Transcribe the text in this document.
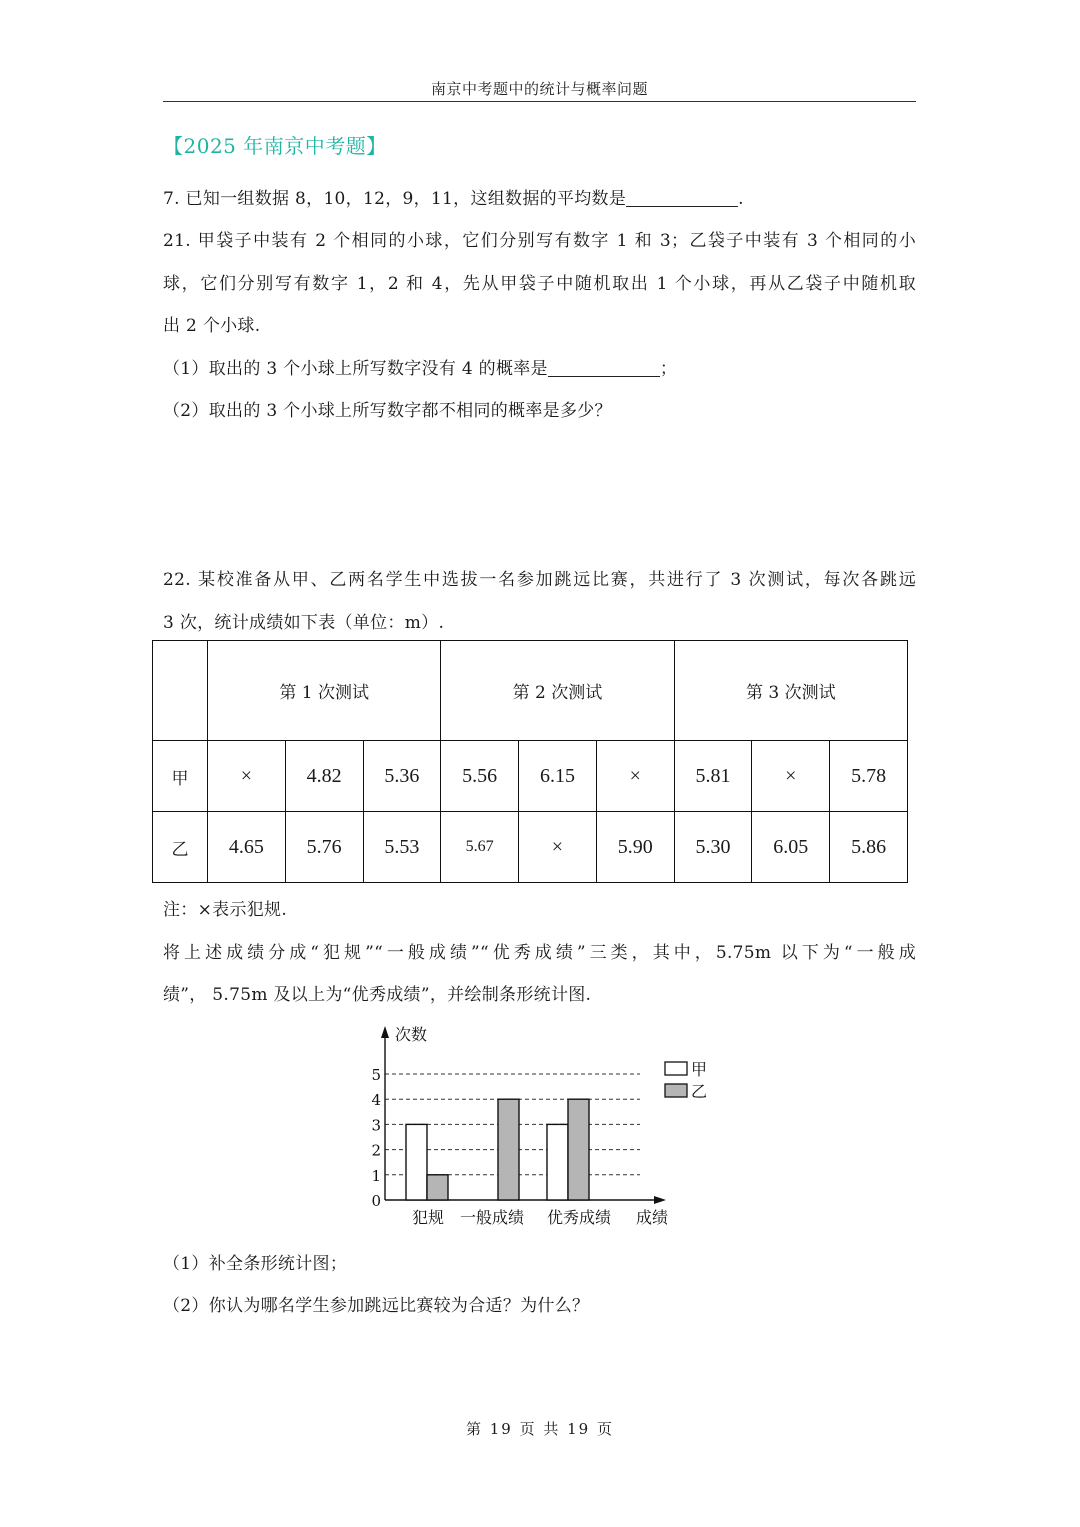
南京中考题中的统计与概率问题
【2025 年南京中考题】
7. 已知一组数据 8，10，12，9，11，这组数据的平均数是	.
21. 甲袋子中装有 2 个相同的小球，它们分别写有数字 1 和 3；乙袋子中装有 3 个相同的小
球，它们分别写有数字 1，2 和 4，先从甲袋子中随机取出 1 个小球，再从乙袋子中随机取
出 2 个小球.
（1）取出的 3 个小球上所写数字没有 4 的概率是	；
（2）取出的 3 个小球上所写数字都不相同的概率是多少？
22. 某校准备从甲、乙两名学生中选拔一名参加跳远比赛，共进行了 3 次测试，每次各跳远
3 次，统计成绩如下表（单位：m）.
	第 1 次测试			第 2 次测试			第 3 次测试		
甲	×	4.82	5.36	5.56	6.15	×	5.81	×	5.78
乙	4.65	5.76	5.53	5.67	×	5.90	5.30	6.05	5.86
注：×表示犯规.
将上述成绩分成“犯规”“一般成绩”“优秀成绩”三类，其中，5.75m 以下为“一般成
绩”， 5.75m 及以上为“优秀成绩”，并绘制条形统计图.
0
1
2
3
4
5
次数
成绩
犯规 一般成绩 优秀成绩
甲
乙
（1）补全条形统计图；
（2）你认为哪名学生参加跳远比赛较为合适？为什么？
第 19 页 共 19 页
